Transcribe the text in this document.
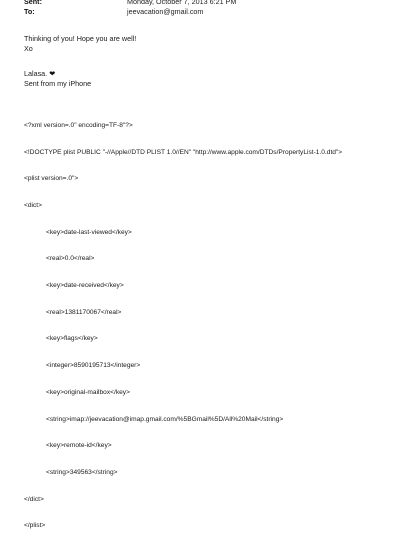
Sent:	Monday, October 7, 2013 6:21 PM
To:	jeevacation@gmail.com
Thinking of you! Hope you are well!
Xo
Lalasa. ❤
Sent from my iPhone

<?xml version=.0" encoding=TF-8"?>

<!DOCTYPE plist PUBLIC "-//Apple//DTD PLIST 1.0//EN" "http://www.apple.com/DTDs/PropertyList-1.0.dtd">

<plist version=.0">

<dict>

<key>date-last-viewed</key>

<real>0.0</real>

<key>date-received</key>

<real>1381170067</real>

<key>flags</key>

<integer>8590195713</integer>

<key>original-mailbox</key>

<string>imap://jeevacation@imap.gmail.com/%5BGmail%5D/All%20Mail</string>

<key>remote-id</key>

<string>349563</string>

</dict>

</plist>
